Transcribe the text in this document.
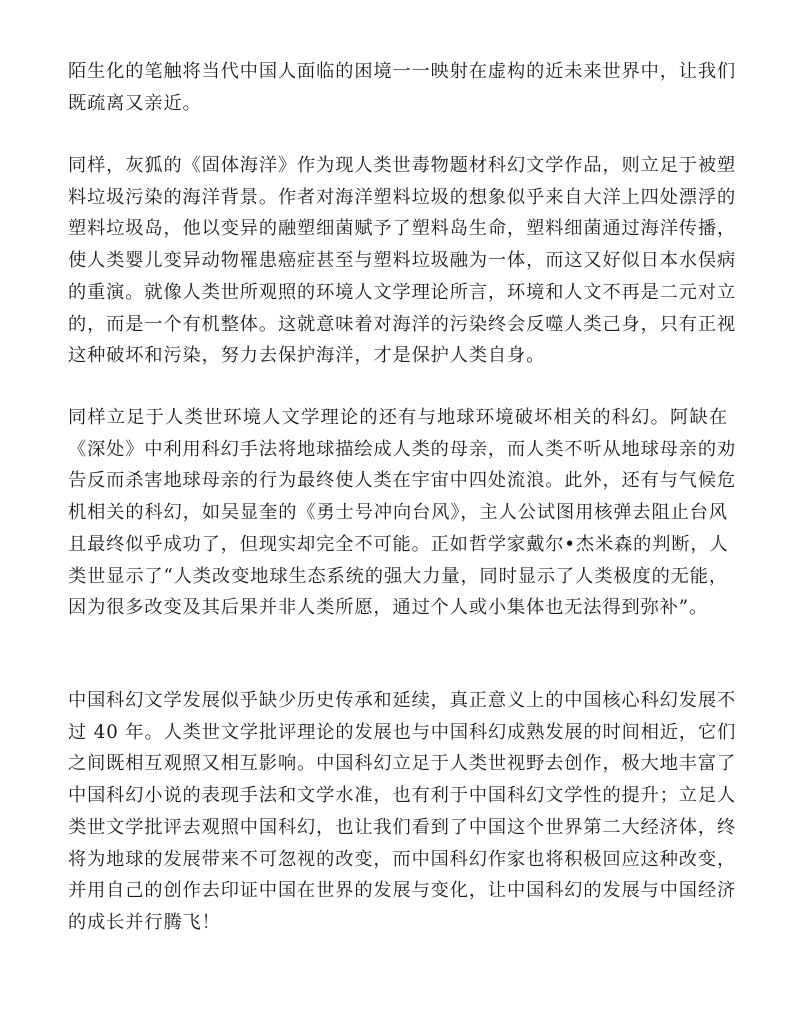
陌生化的笔触将当代中国人面临的困境一一映射在虚构的近未来世界中，让我们
既疏离又亲近。

同样，灰狐的《固体海洋》作为现人类世毒物题材科幻文学作品，则立足于被塑
料垃圾污染的海洋背景。作者对海洋塑料垃圾的想象似乎来自大洋上四处漂浮的
塑料垃圾岛，他以变异的融塑细菌赋予了塑料岛生命，塑料细菌通过海洋传播，
使人类婴儿变异动物罹患癌症甚至与塑料垃圾融为一体，而这又好似日本水俣病
的重演。就像人类世所观照的环境人文学理论所言，环境和人文不再是二元对立
的，而是一个有机整体。这就意味着对海洋的污染终会反噬人类己身，只有正视
这种破坏和污染，努力去保护海洋，才是保护人类自身。

同样立足于人类世环境人文学理论的还有与地球环境破坏相关的科幻。阿缺在
《深处》中利用科幻手法将地球描绘成人类的母亲，而人类不听从地球母亲的劝
告反而杀害地球母亲的行为最终使人类在宇宙中四处流浪。此外，还有与气候危
机相关的科幻，如吴显奎的《勇士号冲向台风》，主人公试图用核弹去阻止台风
且最终似乎成功了，但现实却完全不可能。正如哲学家戴尔•杰米森的判断，人
类世显示了“人类改变地球生态系统的强大力量，同时显示了人类极度的无能，
因为很多改变及其后果并非人类所愿，通过个人或小集体也无法得到弥补”。

中国科幻文学发展似乎缺少历史传承和延续，真正意义上的中国核心科幻发展不
过 40 年。人类世文学批评理论的发展也与中国科幻成熟发展的时间相近，它们
之间既相互观照又相互影响。中国科幻立足于人类世视野去创作，极大地丰富了
中国科幻小说的表现手法和文学水准，也有利于中国科幻文学性的提升；立足人
类世文学批评去观照中国科幻，也让我们看到了中国这个世界第二大经济体，终
将为地球的发展带来不可忽视的改变，而中国科幻作家也将积极回应这种改变，
并用自己的创作去印证中国在世界的发展与变化，让中国科幻的发展与中国经济
的成长并行腾飞！
